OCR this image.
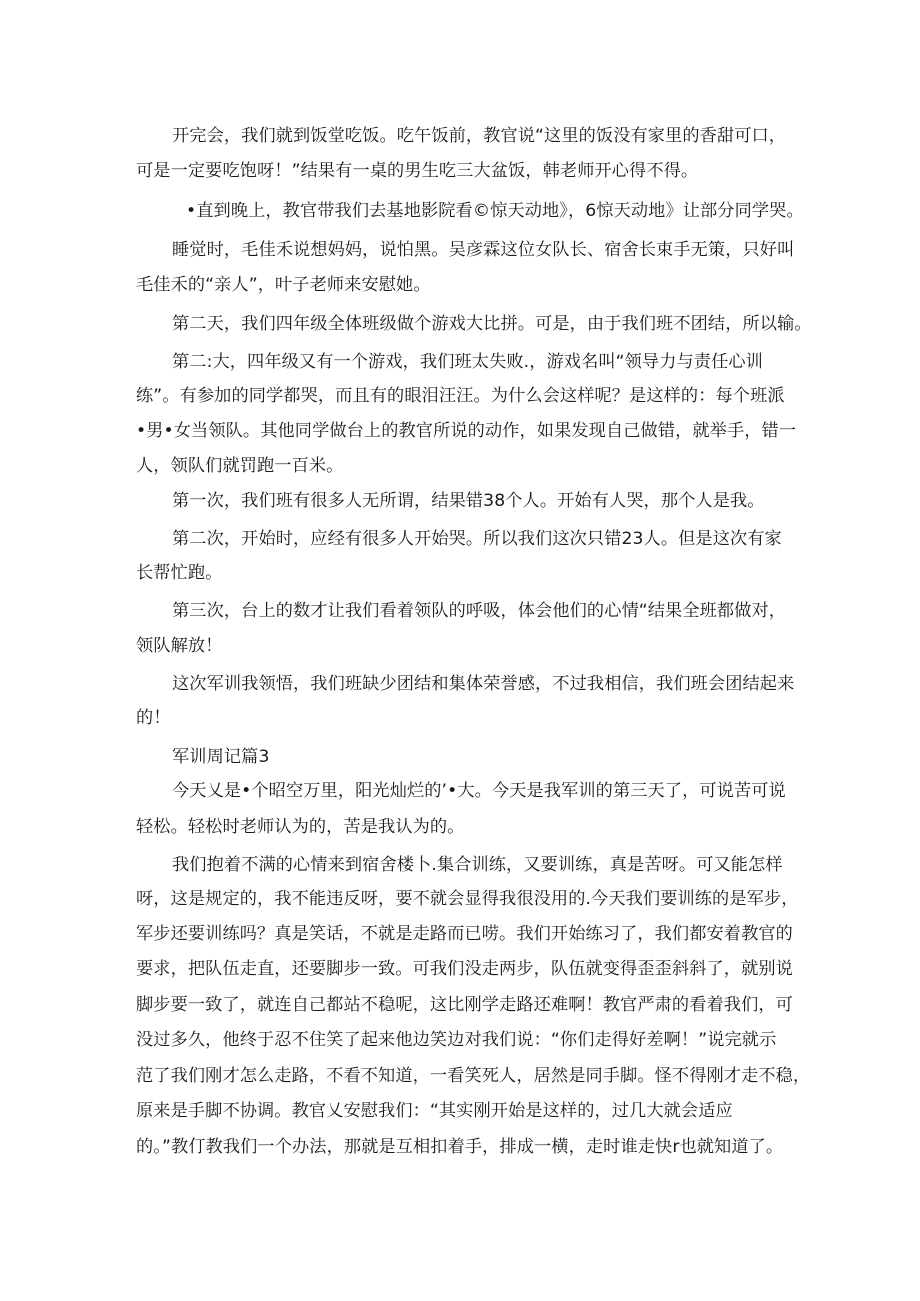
开完会，我们就到饭堂吃饭。吃午饭前，教官说“这里的饭没有家里的香甜可口，
可是一定要吃饱呀！”结果有一桌的男生吃三大盆饭，韩老师开心得不得。
•直到晚上，教官带我们去基地影院看©惊天动地》，6惊天动地》让部分同学哭。
睡觉时，毛佳禾说想妈妈，说怕黑。吴彦霖这位女队长、宿舍长束手无策，只好叫
毛佳禾的“亲人”，叶子老师来安慰她。
第二天，我们四年级全体班级做个游戏大比拼。可是，由于我们班不团结，所以输。
第二:大，四年级又有一个游戏，我们班太失败.，游戏名叫“领导力与责任心训
练”。有参加的同学都哭，而且有的眼泪汪汪。为什么会这样呢？是这样的：每个班派
•男•女当领队。其他同学做台上的教官所说的动作，如果发现自己做错，就举手，错一
人，领队们就罚跑一百米。
第一次，我们班有很多人无所谓，结果错38个人。开始有人哭，那个人是我。
第二次，开始时，应经有很多人开始哭。所以我们这次只错23人。但是这次有家
长帮忙跑。
第三次，台上的数才让我们看着领队的呼吸，体会他们的心情“结果全班都做对，
领队解放！
这次军训我领悟，我们班缺少团结和集体荣誉感，不过我相信，我们班会团结起来
的！
军训周记篇3
今天乂是•个昭空万里，阳光灿烂的’•大。今天是我军训的第三天了，可说苦可说
轻松。轻松时老师认为的，苦是我认为的。
我们抱着不满的心情来到宿舍楼卜.集合训练，又要训练，真是苦呀。可又能怎样
呀，这是规定的，我不能违反呀，要不就会显得我很没用的.今天我们要训练的是军步，
军步还要训练吗？真是笑话，不就是走路而已唠。我们开始练习了，我们都安着教官的
要求，把队伍走直，还要脚步一致。可我们没走两步，队伍就变得歪歪斜斜了，就别说
脚步要一致了，就连自己都站不稳呢，这比刚学走路还难啊！教官严肃的看着我们，可
没过多久，他终于忍不住笑了起来他边笑边对我们说：“你们走得好差啊！”说完就示
范了我们刚才怎么走路，不看不知道，一看笑死人，居然是同手脚。怪不得刚才走不稳，
原来是手脚不协调。教官乂安慰我们：“其实刚开始是这样的，过几大就会适应
的。”教仃教我们一个办法，那就是互相扣着手，排成一横，走时谁走快r也就知道了。
